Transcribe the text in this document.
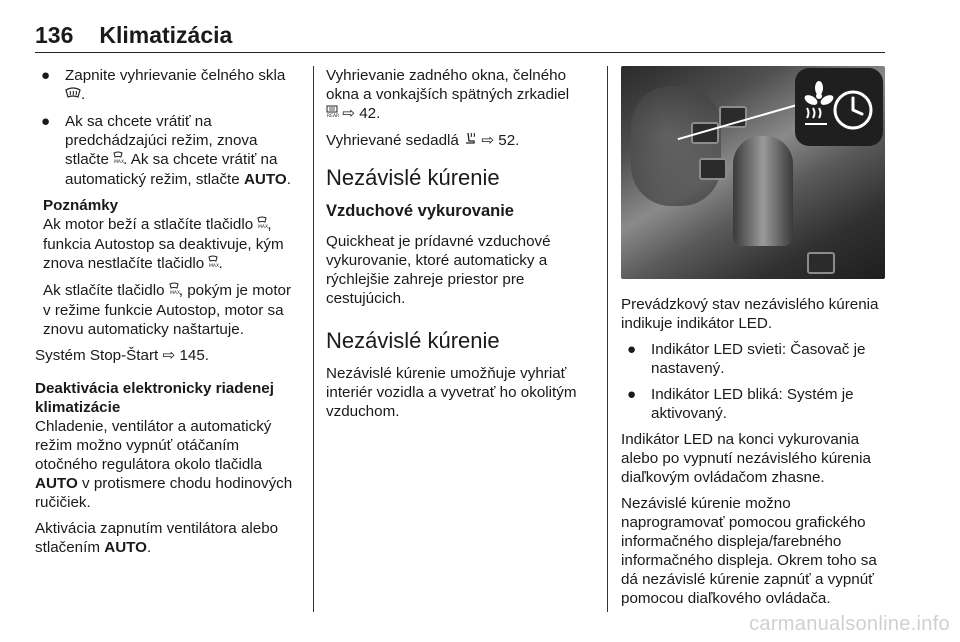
136 Klimatizácia
● Zapnite vyhrievanie čelného skla .
● Ak sa chcete vrátiť na predchádzajúci režim, znova stlačte MAX
. Ak sa chcete vrátiť na automatický režim, stlačte AUTO.

Poznámky

Ak motor beží a stlačíte tlačidlo MAX
, funkcia Autostop sa deaktivuje, kým znova nestlačíte tlačidlo MAX
.

Ak stlačíte tlačidlo MAX
, pokým je motor v režime funkcie Autostop, motor sa znovu automaticky naštartuje.

Systém Stop-Štart ⇨ 145.

Deaktivácia elektronicky riadenej klimatizácie

Chladenie, ventilátor a automatický režim možno vypnúť otáčaním otočného regulátora okolo tlačidla AUTO v protismere chodu hodinových ručičiek.

Aktivácia zapnutím ventilátora alebo stlačením AUTO.

Vyhrievanie zadného okna, čelného okna a vonkajších spätných zrkadiel

REAR ⇨ 42.

Vyhrievané sedadlá ⇨ 52.

Nezávislé kúrenie
Vzduchové vykurovanie

Quickheat je prídavné vzduchové vykurovanie, ktoré automaticky a rýchlejšie zahreje priestor pre cestujúcich.

Nezávislé kúrenie

Nezávislé kúrenie umožňuje vyhriať interiér vozidla a vyvetrať ho okolitým vzduchom.

Prevádzkový stav nezávislého kúrenia indikuje indikátor LED.

● Indikátor LED svieti: Časovač je nastavený.
● Indikátor LED bliká: Systém je aktivovaný.

Indikátor LED na konci vykurovania alebo po vypnutí nezávislého kúrenia diaľkovým ovládačom zhasne.

Nezávislé kúrenie možno naprogramovať pomocou grafického informačného displeja/farebného informačného displeja. Okrem toho sa dá nezávislé kúrenie zapnúť a vypnúť pomocou diaľkového ovládača.

carmanualsonline.info
